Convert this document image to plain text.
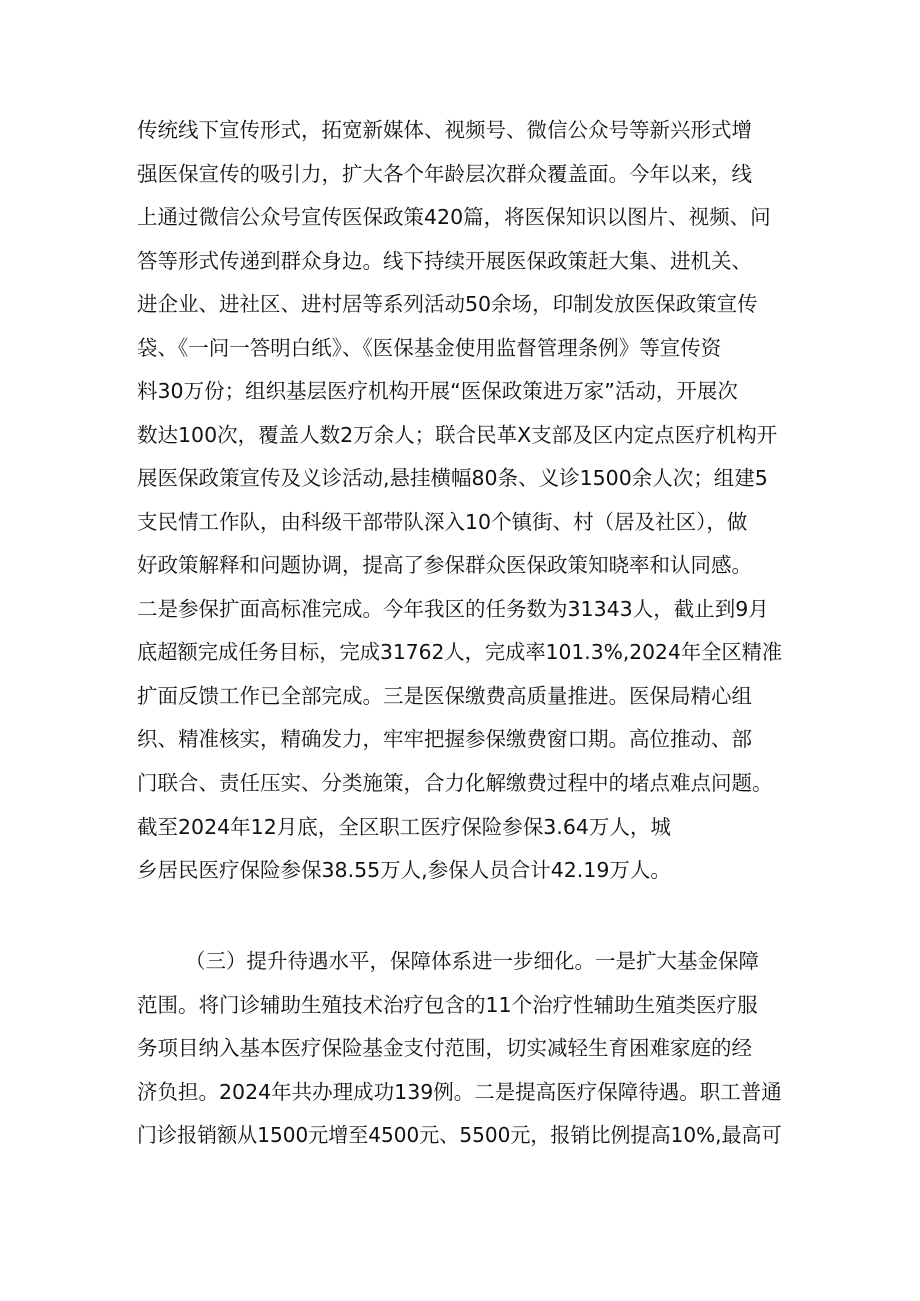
传统线下宣传形式，拓宽新媒体、视频号、微信公众号等新兴形式增
强医保宣传的吸引力，扩大各个年龄层次群众覆盖面。今年以来，线
上通过微信公众号宣传医保政策420篇，将医保知识以图片、视频、问
答等形式传递到群众身边。线下持续开展医保政策赶大集、进机关、
进企业、进社区、进村居等系列活动50余场，印制发放医保政策宣传
袋、《一问一答明白纸》、《医保基金使用监督管理条例》等宣传资
料30万份；组织基层医疗机构开展“医保政策进万家”活动，开展次
数达100次，覆盖人数2万余人；联合民革X支部及区内定点医疗机构开
展医保政策宣传及义诊活动,悬挂横幅80条、义诊1500余人次；组建5
支民情工作队，由科级干部带队深入10个镇街、村（居及社区），做
好政策解释和问题协调，提高了参保群众医保政策知晓率和认同感。
二是参保扩面高标准完成。今年我区的任务数为31343人，截止到9月
底超额完成任务目标，完成31762人，完成率101.3%,2024年全区精准
扩面反馈工作已全部完成。三是医保缴费高质量推进。医保局精心组
织、精准核实，精确发力，牢牢把握参保缴费窗口期。高位推动、部
门联合、责任压实、分类施策，合力化解缴费过程中的堵点难点问题。
截至2024年12月底，全区职工医疗保险参保3.64万人，城
乡居民医疗保险参保38.55万人,参保人员合计42.19万人。
（三）提升待遇水平，保障体系进一步细化。一是扩大基金保障
范围。将门诊辅助生殖技术治疗包含的11个治疗性辅助生殖类医疗服
务项目纳入基本医疗保险基金支付范围，切实减轻生育困难家庭的经
济负担。2024年共办理成功139例。二是提高医疗保障待遇。职工普通
门诊报销额从1500元增至4500元、5500元，报销比例提高10%,最高可
